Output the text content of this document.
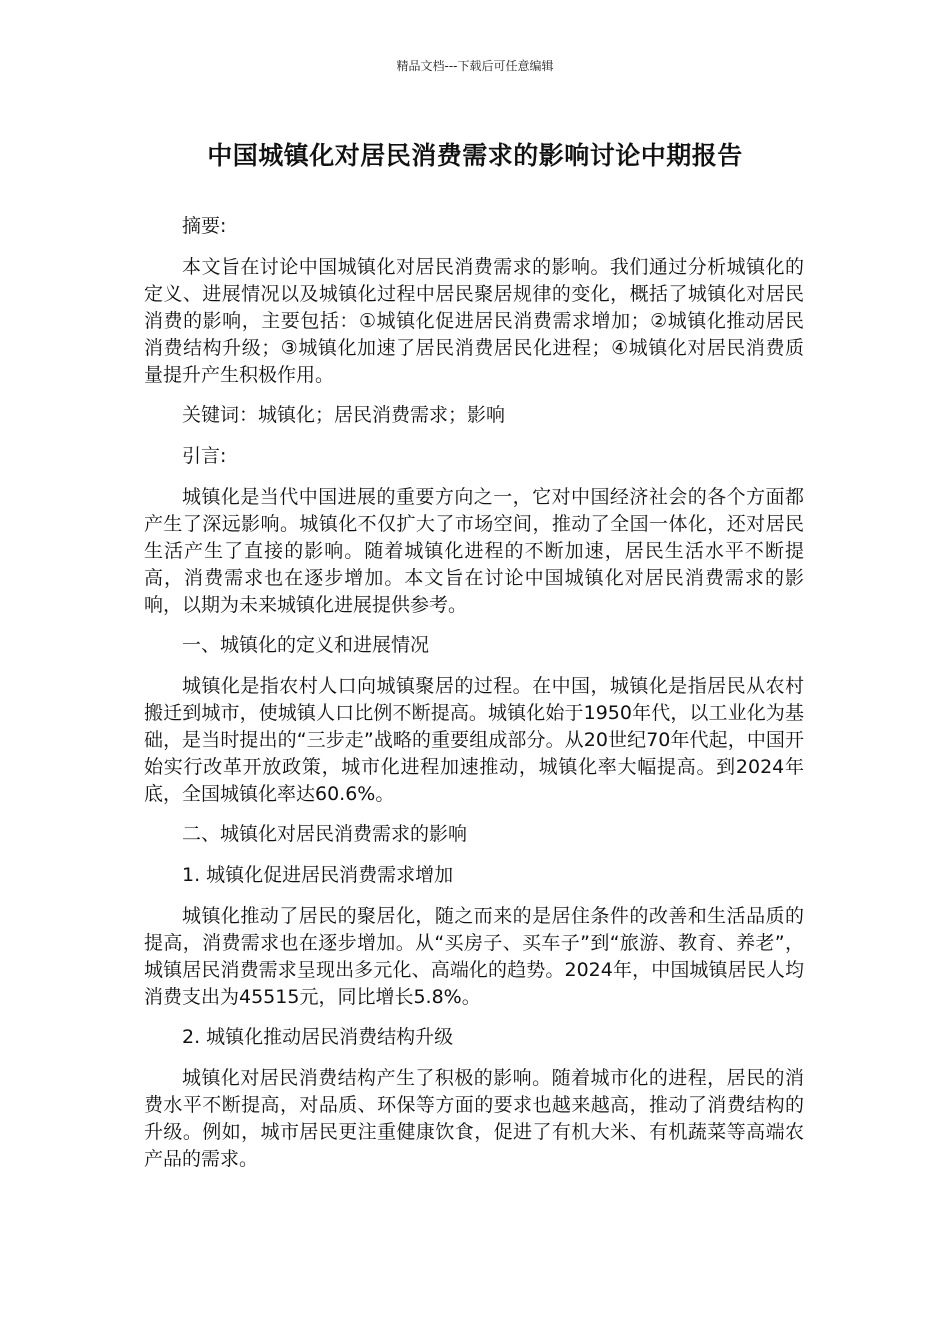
精品文档---下载后可任意编辑
中国城镇化对居民消费需求的影响讨论中期报告

摘要:

本文旨在讨论中国城镇化对居民消费需求的影响。我们通过分析城镇化的定义、进展情况以及城镇化过程中居民聚居规律的变化，概括了城镇化对居民消费的影响，主要包括：①城镇化促进居民消费需求增加；②城镇化推动居民消费结构升级；③城镇化加速了居民消费居民化进程；④城镇化对居民消费质量提升产生积极作用。

关键词：城镇化；居民消费需求；影响

引言:

城镇化是当代中国进展的重要方向之一，它对中国经济社会的各个方面都产生了深远影响。城镇化不仅扩大了市场空间，推动了全国一体化，还对居民生活产生了直接的影响。随着城镇化进程的不断加速，居民生活水平不断提高，消费需求也在逐步增加。本文旨在讨论中国城镇化对居民消费需求的影响，以期为未来城镇化进展提供参考。

一、城镇化的定义和进展情况

城镇化是指农村人口向城镇聚居的过程。在中国，城镇化是指居民从农村搬迁到城市，使城镇人口比例不断提高。城镇化始于1950年代，以工业化为基础，是当时提出的“三步走”战略的重要组成部分。从20世纪70年代起，中国开始实行改革开放政策，城市化进程加速推动，城镇化率大幅提高。到2024年底，全国城镇化率达60.6%。

二、城镇化对居民消费需求的影响

1. 城镇化促进居民消费需求增加

城镇化推动了居民的聚居化，随之而来的是居住条件的改善和生活品质的提高，消费需求也在逐步增加。从“买房子、买车子”到“旅游、教育、养老”，城镇居民消费需求呈现出多元化、高端化的趋势。2024年，中国城镇居民人均消费支出为45515元，同比增长5.8%。

2. 城镇化推动居民消费结构升级

城镇化对居民消费结构产生了积极的影响。随着城市化的进程，居民的消费水平不断提高，对品质、环保等方面的要求也越来越高，推动了消费结构的升级。例如，城市居民更注重健康饮食，促进了有机大米、有机蔬菜等高端农产品的需求。
